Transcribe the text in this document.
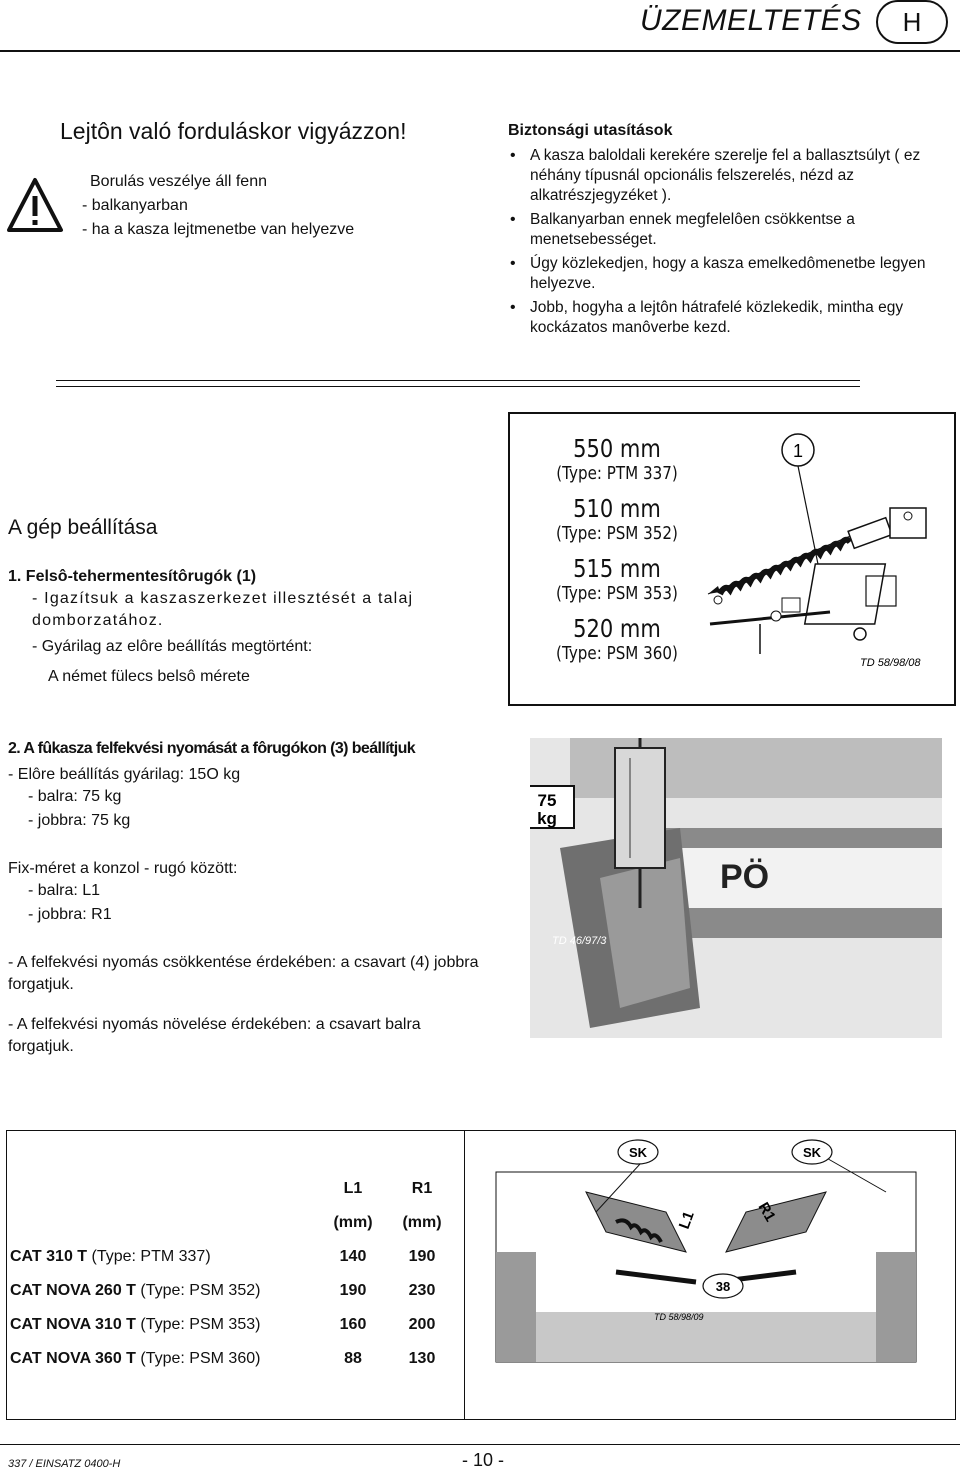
ÜZEMELTETÉS	H
Lejtôn való forduláskor vigyázzon!
Borulás veszélye áll fenn
- balkanyarban
- ha a kasza lejtmenetbe van helyezve
Biztonsági utasítások
• A kasza baloldali kerekére szerelje fel a ballasztsúlyt ( ez néhány típusnál opcionális felszerelés, nézd az alkatrészjegyzéket ).
• Balkanyarban ennek megfelelôen csökkentse a menetsebességet.
• Úgy közlekedjen, hogy a kasza emelkedômenetbe legyen helyezve.
• Jobb, hogyha a lejtôn hátrafelé közlekedik, mintha egy kockázatos manôverbe kezd.
A gép beállítása
1. Felsô-tehermentesítôrugók (1)
- Igazítsuk a kaszaszerkezet illesztését a talaj domborzatához.
- Gyárilag az elôre beállítás megtörtént:
A német fülecs belsô mérete
550 mm
(Type: PTM 337)
510 mm
(Type: PSM 352)
515 mm
(Type: PSM 353)
520 mm
(Type: PSM 360)
1
TD 58/98/08
2. A fûkasza felfekvési nyomását a fôrugókon (3) beállítjuk
- Elôre beállítás gyárilag: 15O kg
- balra: 75 kg
- jobbra: 75 kg
Fix-méret a konzol - rugó között:
- balra: L1
- jobbra: R1
- A felfekvési nyomás csökkentése érdekében: a csavart (4) jobbra forgatjuk.
- A felfekvési nyomás növelése érdekében: a csavart balra forgatjuk.
PÖ
75
kg
TD 46/97/3
	L1	R1
	(mm)	(mm)
CAT 310 T (Type: PTM 337)	140	190
CAT NOVA 260 T (Type: PSM 352)	190	230
CAT NOVA 310 T (Type: PSM 353)	160	200
CAT NOVA 360 T (Type: PSM 360)	88	130
SK	SK
L1	R1
38
TD 58/98/09
337 / EINSATZ 0400-H	- 10 -
